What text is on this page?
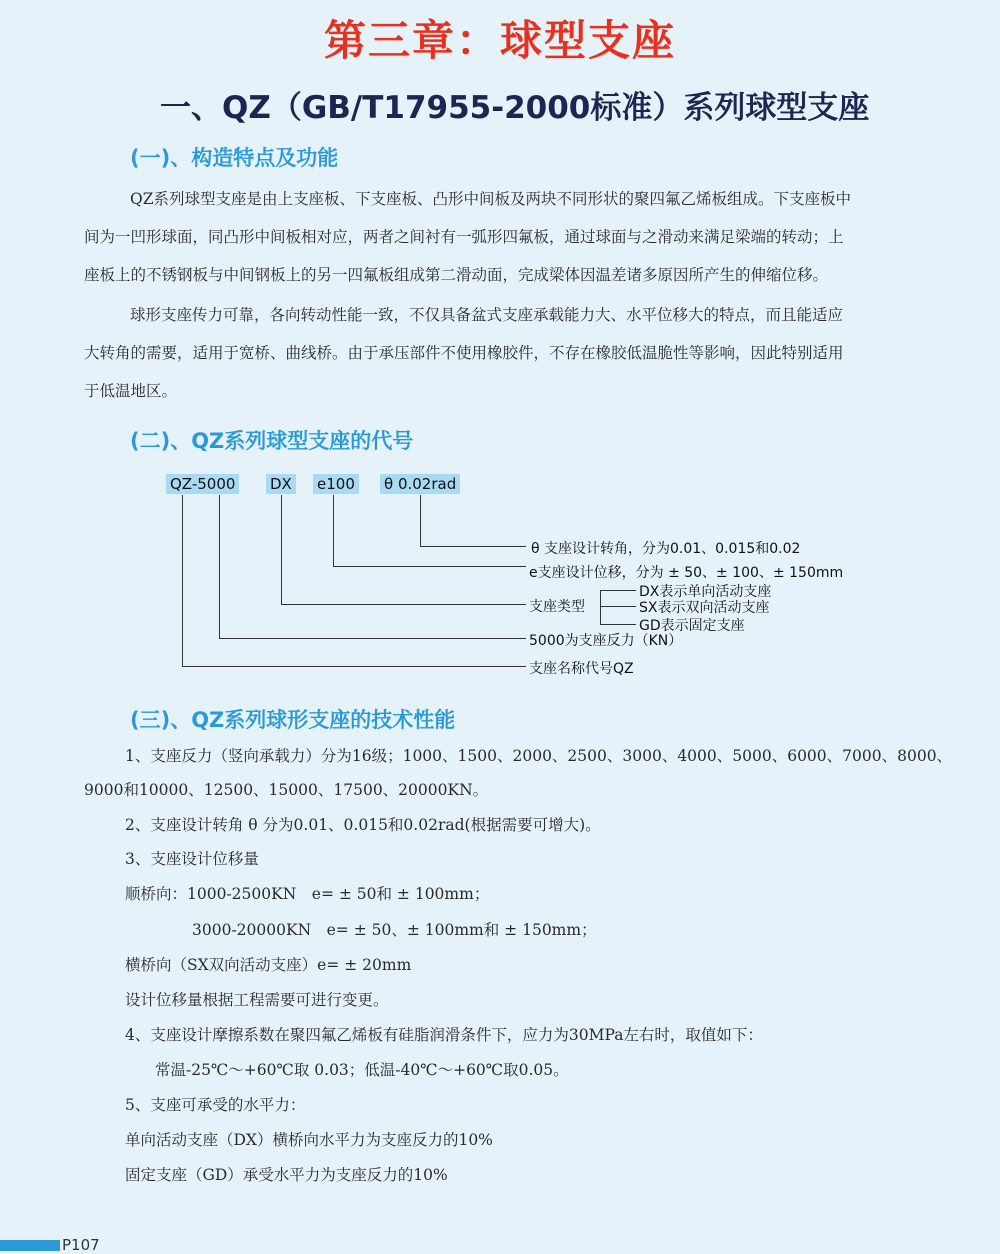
第三章：球型支座
一、QZ（GB/T17955-2000标准）系列球型支座
(一)、构造特点及功能
QZ系列球型支座是由上支座板、下支座板、凸形中间板及两块不同形状的聚四氟乙烯板组成。下支座板中
间为一凹形球面，同凸形中间板相对应，两者之间衬有一弧形四氟板，通过球面与之滑动来满足梁端的转动；上
座板上的不锈钢板与中间钢板上的另一四氟板组成第二滑动面，完成梁体因温差诸多原因所产生的伸缩位移。
球形支座传力可靠，各向转动性能一致，不仅具备盆式支座承载能力大、水平位移大的特点，而且能适应
大转角的需要，适用于宽桥、曲线桥。由于承压部件不使用橡胶件，不存在橡胶低温脆性等影响，因此特别适用
于低温地区。
(二)、QZ系列球型支座的代号
QZ-5000 DX e100 θ 0.02rad
θ 支座设计转角，分为0.01、0.015和0.02
e支座设计位移，分为 ± 50、± 100、± 150mm
支座类型
DX表示单向活动支座
SX表示双向活动支座
GD表示固定支座
5000为支座反力（KN）
支座名称代号QZ
(三)、QZ系列球形支座的技术性能
1、支座反力（竖向承载力）分为16级；1000、1500、2000、2500、3000、4000、5000、6000、7000、8000、
9000和10000、12500、15000、17500、20000KN。
2、支座设计转角 θ 分为0.01、0.015和0.02rad(根据需要可增大)。
3、支座设计位移量
顺桥向：1000-2500KN　e= ± 50和 ± 100mm；
3000-20000KN　e= ± 50、± 100mm和 ± 150mm；
横桥向（SX双向活动支座）e= ± 20mm
设计位移量根据工程需要可进行变更。
4、支座设计摩擦系数在聚四氟乙烯板有硅脂润滑条件下，应力为30MPa左右时，取值如下：
常温-25℃～+60℃取 0.03；低温-40℃～+60℃取0.05。
5、支座可承受的水平力：
单向活动支座（DX）横桥向水平力为支座反力的10%
固定支座（GD）承受水平力为支座反力的10%
P107
